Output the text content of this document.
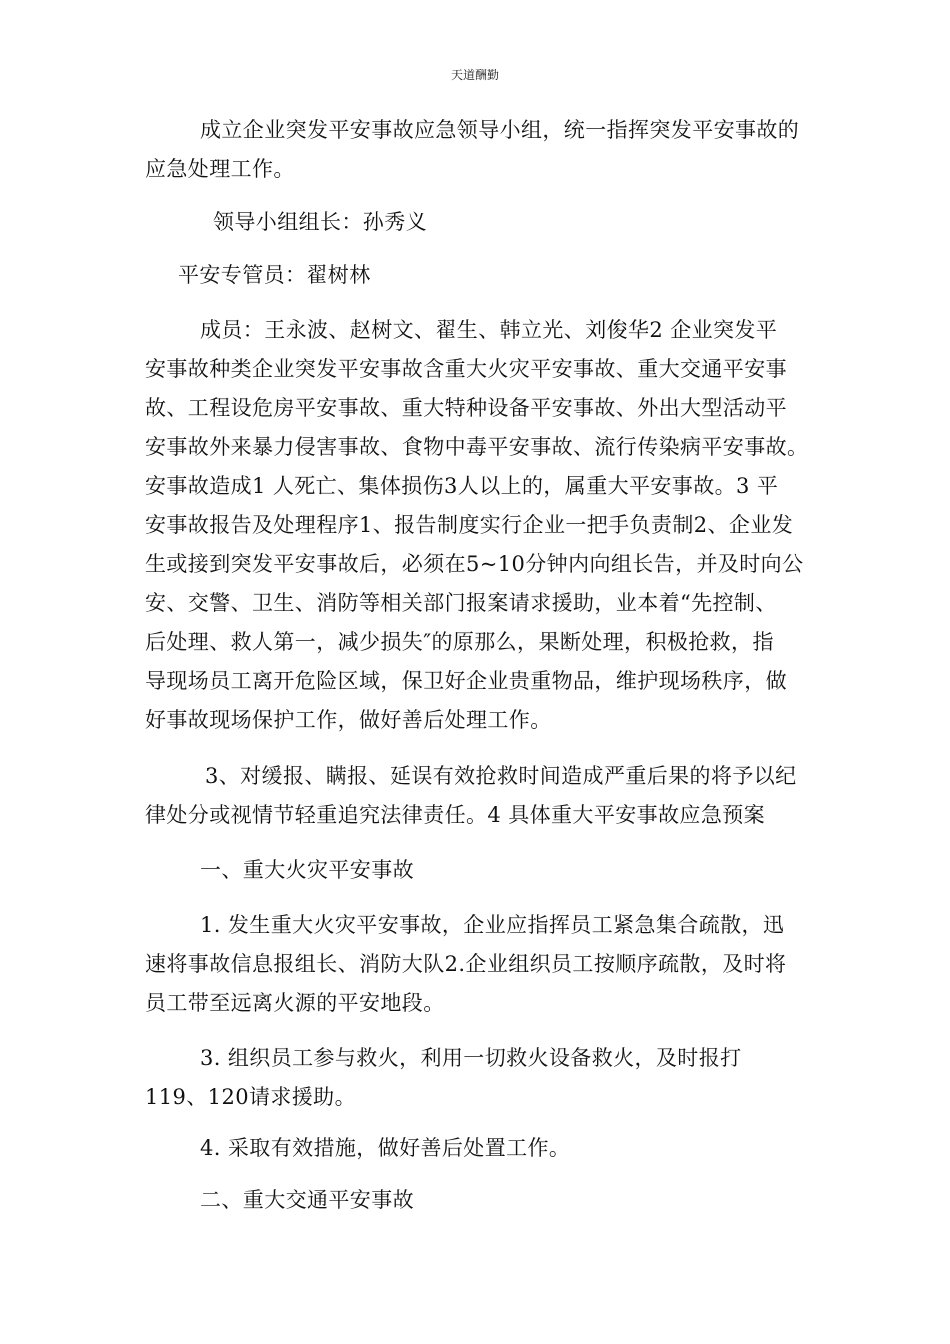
天道酬勤
成立企业突发平安事故应急领导小组，统一指挥突发平安事故的
应急处理工作。
领导小组组长：孙秀义
平安专管员：翟树林
成员：王永波、赵树文、翟生、韩立光、刘俊华2 企业突发平
安事故种类企业突发平安事故含重大火灾平安事故、重大交通平安事
故、工程设危房平安事故、重大特种设备平安事故、外出大型活动平
安事故外来暴力侵害事故、食物中毒平安事故、流行传染病平安事故。
安事故造成1 人死亡、集体损伤3人以上的，属重大平安事故。3 平
安事故报告及处理程序1、报告制度实行企业一把手负责制2、企业发
生或接到突发平安事故后，必须在5~10分钟内向组长告，并及时向公
安、交警、卫生、消防等相关部门报案请求援助，业本着“先控制、
后处理、救人第一，减少损失″的原那么，果断处理，积极抢救，指
导现场员工离开危险区域，保卫好企业贵重物品，维护现场秩序，做
好事故现场保护工作，做好善后处理工作。
3、对缓报、瞒报、延误有效抢救时间造成严重后果的将予以纪
律处分或视情节轻重追究法律责任。4 具体重大平安事故应急预案
一、重大火灾平安事故
1. 发生重大火灾平安事故，企业应指挥员工紧急集合疏散，迅
速将事故信息报组长、消防大队2.企业组织员工按顺序疏散，及时将
员工带至远离火源的平安地段。
3. 组织员工参与救火，利用一切救火设备救火，及时报打
119、120请求援助。
4. 采取有效措施，做好善后处置工作。
二、重大交通平安事故
